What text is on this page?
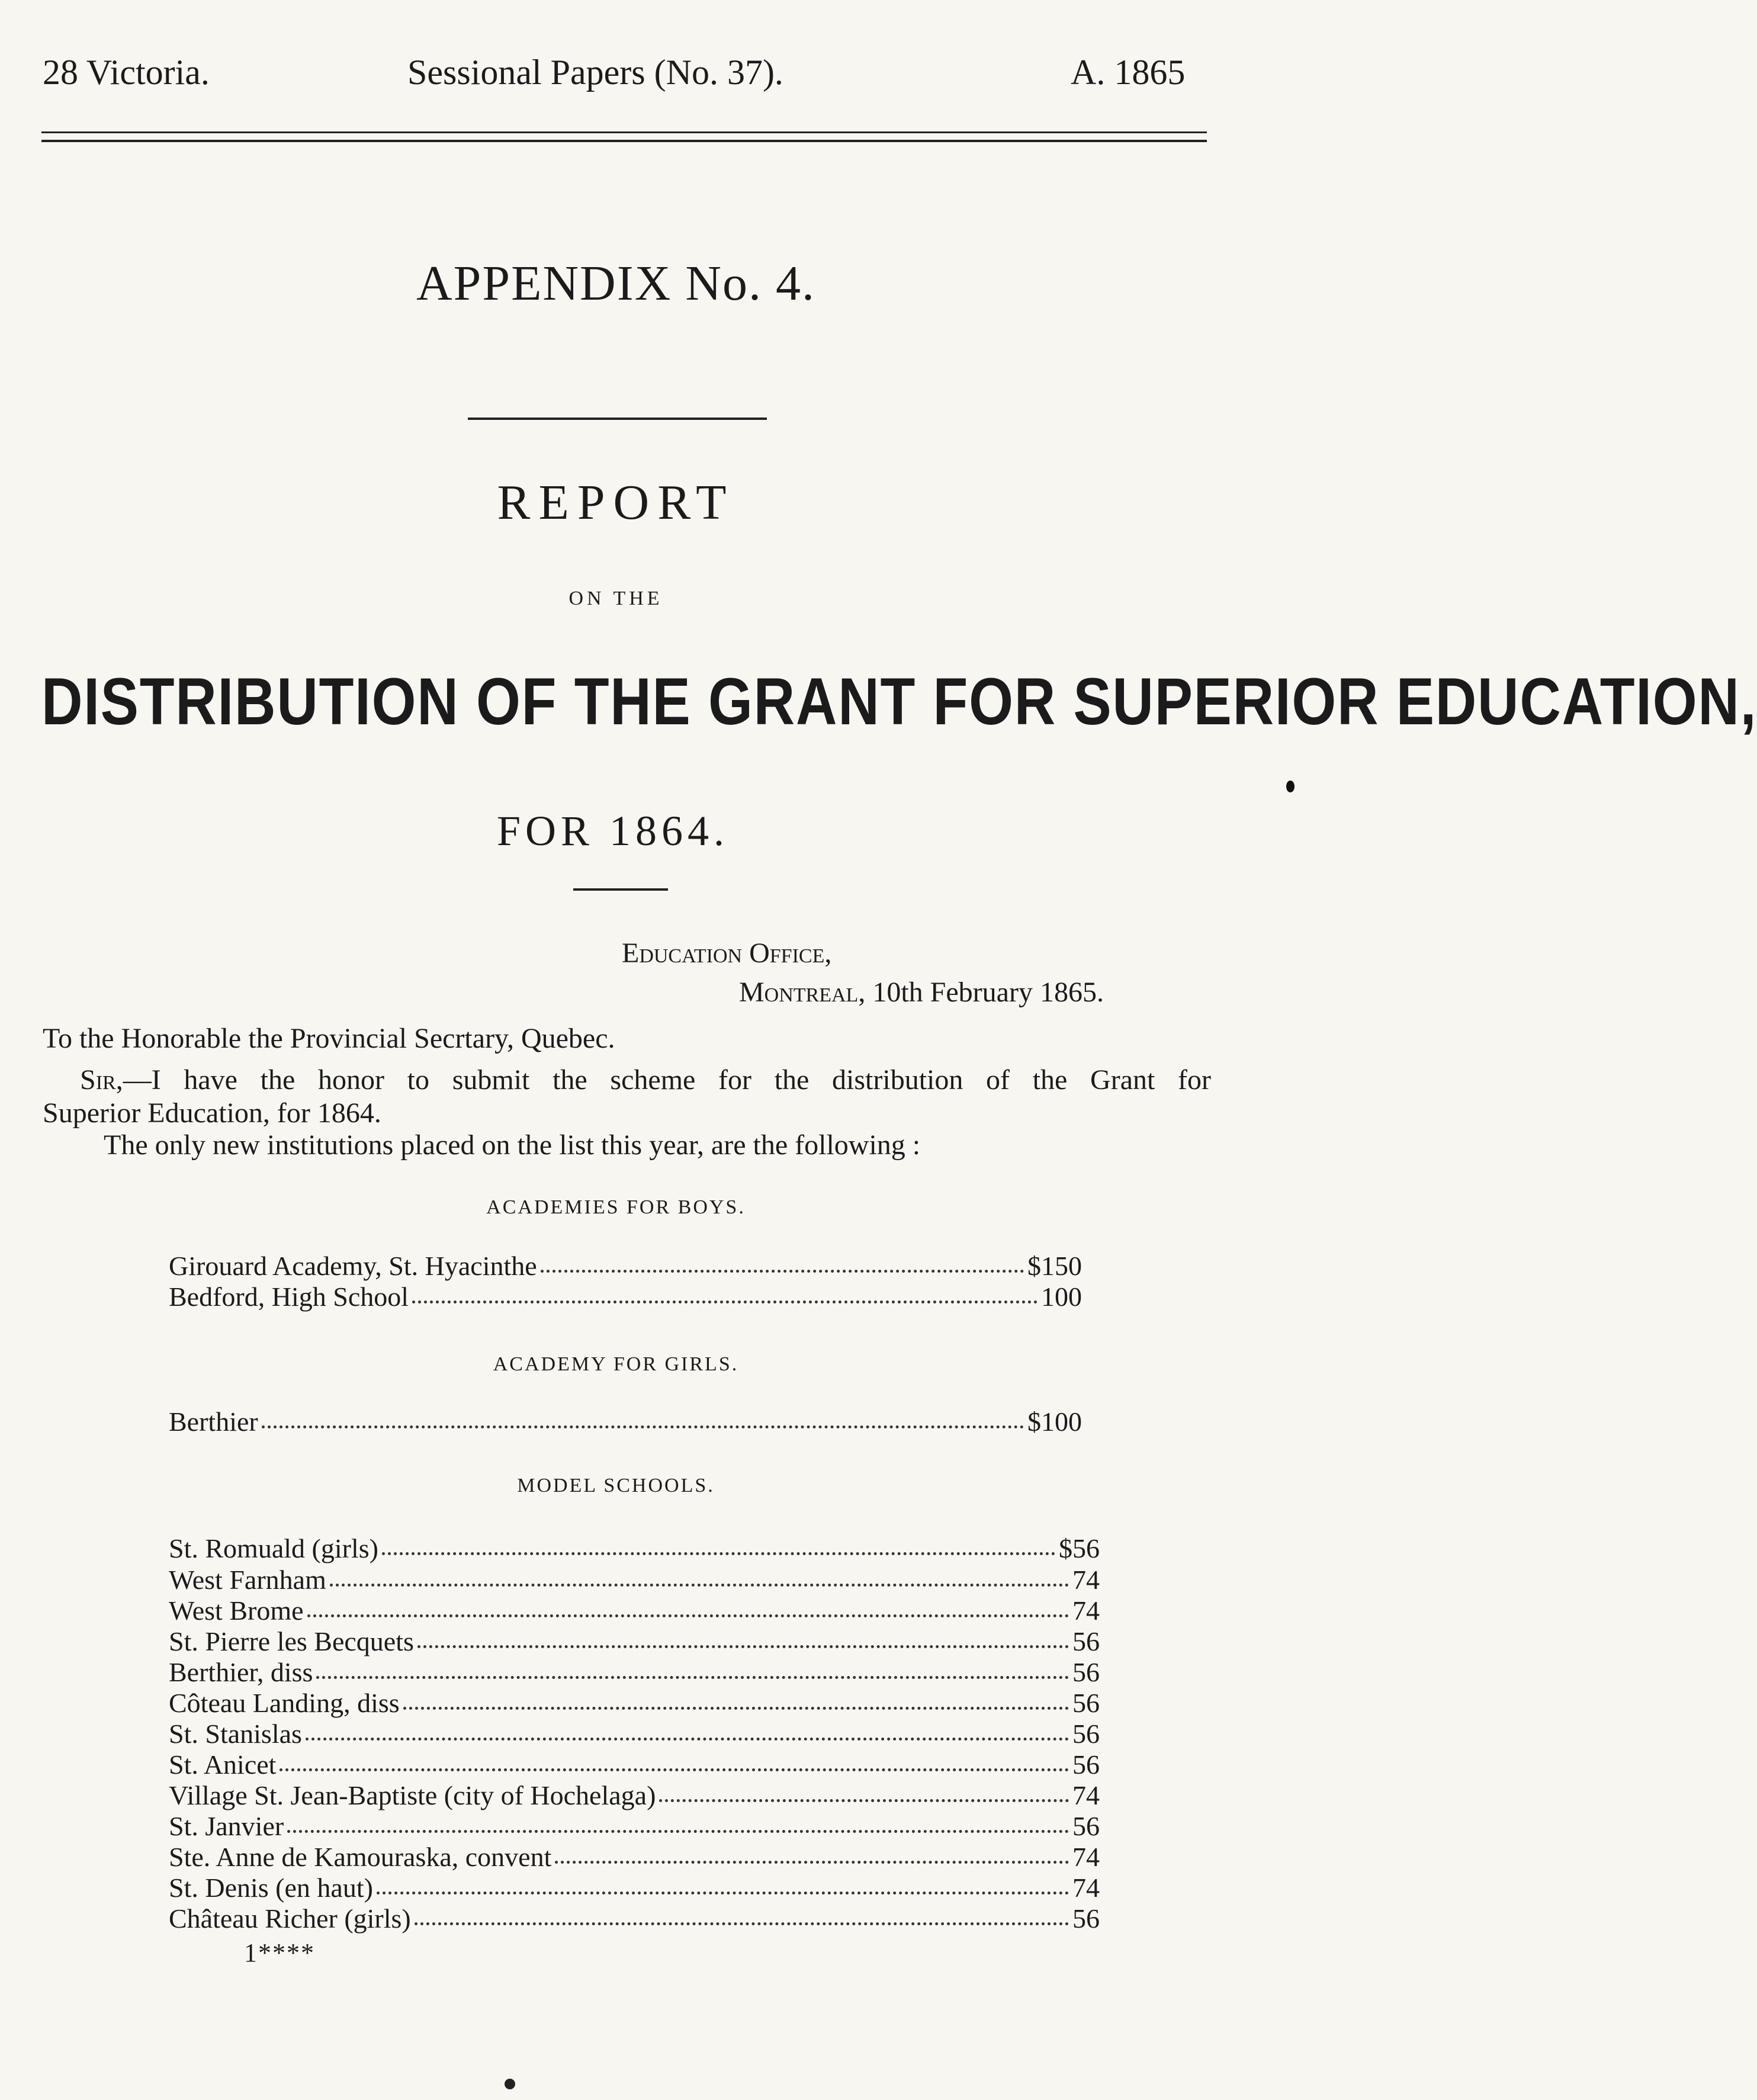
28 Victoria.	Sessional Papers (No. 37).	A. 1865
APPENDIX No. 4.
REPORT
ON THE
DISTRIBUTION OF THE GRANT FOR SUPERIOR EDUCATION,
FOR 1864.
Education Office,
Montreal, 10th February 1865.
To the Honorable the Provincial Secrtary, Quebec.
Sir,—I have the honor to submit the scheme for the distribution of the Grant for
Superior Education, for 1864.
The only new institutions placed on the list this year, are the following :
ACADEMIES FOR BOYS.
Girouard Academy, St. Hyacinthe	$150
Bedford, High School	100
ACADEMY FOR GIRLS.
Berthier	$100
MODEL SCHOOLS.
St. Romuald (girls)	$56
West Farnham	74
West Brome	74
St. Pierre les Becquets	56
Berthier, diss	56
Côteau Landing, diss	56
St. Stanislas	56
St. Anicet	56
Village St. Jean-Baptiste (city of Hochelaga)	74
St. Janvier	56
Ste. Anne de Kamouraska, convent	74
St. Denis (en haut)	74
Château Richer (girls)	56
1****
